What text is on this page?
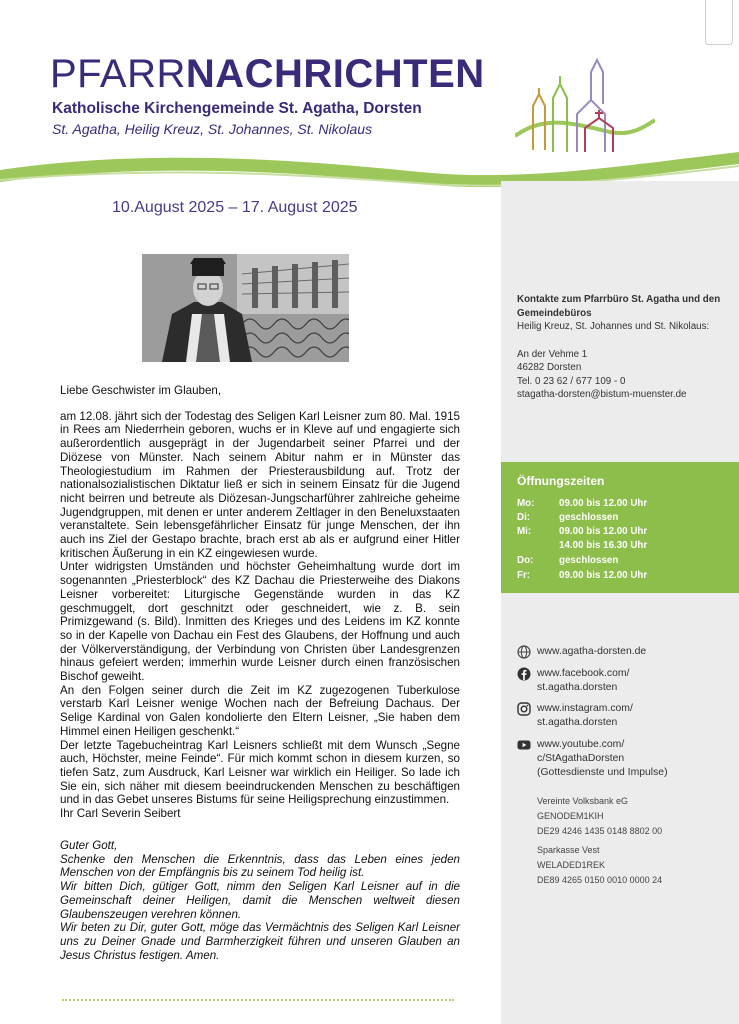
PFARRNACHRICHTEN
Katholische Kirchengemeinde St. Agatha, Dorsten
St. Agatha, Heilig Kreuz, St. Johannes, St. Nikolaus
10.August 2025 – 17. August 2025

Liebe Geschwister im Glauben,

am 12.08. jährt sich der Todestag des Seligen Karl Leisner zum 80. Mal. 1915 in Rees am Niederrhein geboren, wuchs er in Kleve auf und engagierte sich außerordentlich ausgeprägt in der Jugendarbeit seiner Pfarrei und der Diözese von Münster. Nach seinem Abitur nahm er in Münster das Theologiestudium im Rahmen der Priesterausbildung auf. Trotz der nationalsozialistischen Diktatur ließ er sich in seinem Einsatz für die Jugend nicht beirren und betreute als Diözesan-Jungscharführer zahlreiche geheime Jugendgruppen, mit denen er unter anderem Zeltlager in den Beneluxstaaten veranstaltete. Sein lebensgefährlicher Einsatz für junge Menschen, der ihn auch ins Ziel der Gestapo brachte, brach erst ab als er aufgrund einer Hitler kritischen Äußerung in ein KZ eingewiesen wurde.

Unter widrigsten Umständen und höchster Geheimhaltung wurde dort im sogenannten „Priesterblock“ des KZ Dachau die Priesterweihe des Diakons Leisner vorbereitet: Liturgische Gegenstände wurden in das KZ geschmuggelt, dort geschnitzt oder geschneidert, wie z. B. sein Primizgewand (s. Bild). Inmitten des Krieges und des Leidens im KZ konnte so in der Kapelle von Dachau ein Fest des Glaubens, der Hoffnung und auch der Völkerverständigung, der Verbindung von Christen über Landesgrenzen hinaus gefeiert werden; immerhin wurde Leisner durch einen französischen Bischof geweiht.

An den Folgen seiner durch die Zeit im KZ zugezogenen Tuberkulose verstarb Karl Leisner wenige Wochen nach der Befreiung Dachaus. Der Selige Kardinal von Galen kondolierte den Eltern Leisner, „Sie haben dem Himmel einen Heiligen geschenkt.“

Der letzte Tagebucheintrag Karl Leisners schließt mit dem Wunsch „Segne auch, Höchster, meine Feinde“. Für mich kommt schon in diesem kurzen, so tiefen Satz, zum Ausdruck, Karl Leisner war wirklich ein Heiliger. So lade ich Sie ein, sich näher mit diesem beeindruckenden Menschen zu beschäftigen und in das Gebet unseres Bistums für seine Heiligsprechung einzustimmen.

Ihr Carl Severin Seibert

Guter Gott,

Schenke den Menschen die Erkenntnis, dass das Leben eines jeden Menschen von der Empfängnis bis zu seinem Tod heilig ist.

Wir bitten Dich, gütiger Gott, nimm den Seligen Karl Leisner auf in die Gemeinschaft deiner Heiligen, damit die Menschen weltweit diesen Glaubenszeugen verehren können.

Wir beten zu Dir, guter Gott, möge das Vermächtnis des Seligen Karl Leisner uns zu Deiner Gnade und Barmherzigkeit führen und unseren Glauben an Jesus Christus festigen. Amen.

Kontakte zum Pfarrbüro St. Agatha und den Gemeindebüros
Heilig Kreuz, St. Johannes und St. Nikolaus:
An der Vehme 1
46282 Dorsten
Tel. 0 23 62 / 677 109 - 0
stagatha-dorsten@bistum-muenster.de
Öffnungszeiten
Mo:	09.00 bis 12.00 Uhr
Di:	geschlossen
Mi:	09.00 bis 12.00 Uhr
14.00 bis 16.30 Uhr
Do:	geschlossen
Fr:	09.00 bis 12.00 Uhr
www.agatha-dorsten.de
www.facebook.com/
st.agatha.dorsten
www.instagram.com/
st.agatha.dorsten
www.youtube.com/
c/StAgathaDorsten
(Gottesdienste und Impulse)
Vereinte Volksbank eG
GENODEM1KIH
DE29 4246 1435 0148 8802 00
Sparkasse Vest
WELADED1REK
DE89 4265 0150 0010 0000 24
